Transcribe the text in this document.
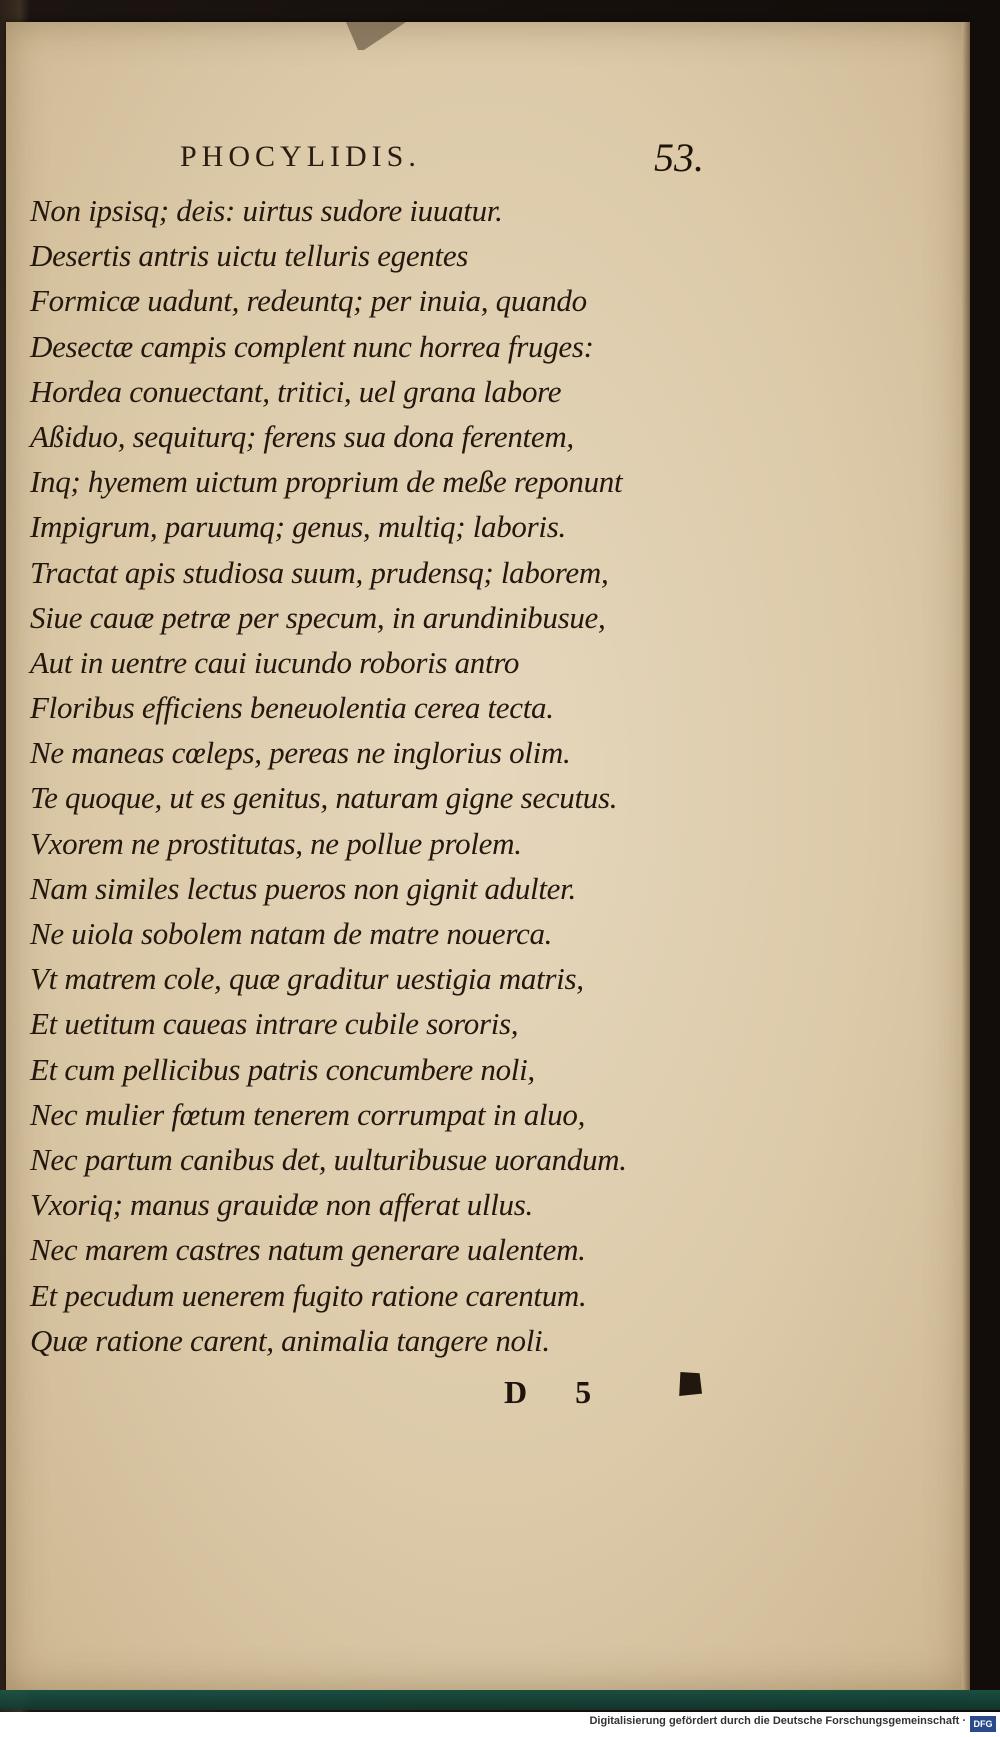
PHOCYLIDIS.	53.
Non ipsisq; deis: uirtus sudore iuuatur.
Desertis antris uictu telluris egentes
Formicæ uadunt, redeuntq; per inuia, quando
Desectæ campis complent nunc horrea fruges:
Hordea conuectant, tritici, uel grana labore
Aßiduo, sequiturq; ferens sua dona ferentem,
Inq; hyemem uictum proprium de meße reponunt
Impigrum, paruumq; genus, multiq; laboris.
Tractat apis studiosa suum, prudensq; laborem,
Siue cauæ petræ per specum, in arundinibusue,
Aut in uentre caui iucundo roboris antro
Floribus efficiens beneuolentia cerea tecta.
Ne maneas cœleps, pereas ne inglorius olim.
Te quoque, ut es genitus, naturam gigne secutus.
Vxorem ne prostitutas, ne pollue prolem.
Nam similes lectus pueros non gignit adulter.
Ne uiola sobolem natam de matre nouerca.
Vt matrem cole, quæ graditur uestigia matris,
Et uetitum caueas intrare cubile sororis,
Et cum pellicibus patris concumbere noli,
Nec mulier fœtum tenerem corrumpat in aluo,
Nec partum canibus det, uulturibusue uorandum.
Vxoriq; manus grauidæ non afferat ullus.
Nec marem castres natum generare ualentem.
Et pecudum uenerem fugito ratione carentum.
Quæ ratione carent, animalia tangere noli.
D 5
Digitalisierung gefördert durch die Deutsche Forschungsgemeinschaft · DFG
